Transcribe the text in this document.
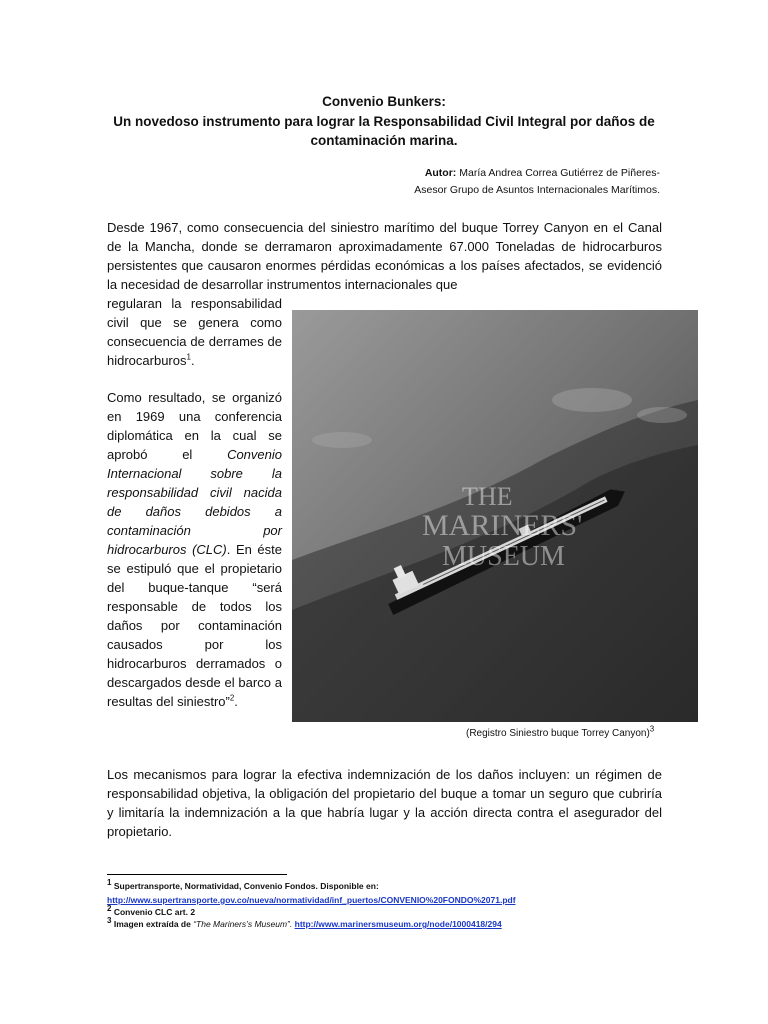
Convenio Bunkers:
Un novedoso instrumento para lograr la Responsabilidad Civil Integral por daños de
contaminación marina.
Autor: María Andrea Correa Gutiérrez de Piñeres-
Asesor Grupo de Asuntos Internacionales Marítimos.
Desde 1967, como consecuencia del siniestro marítimo del buque Torrey Canyon en el Canal de la Mancha, donde se derramaron aproximadamente 67.000 Toneladas de hidrocarburos persistentes que causaron enormes pérdidas económicas a los países afectados, se evidenció la necesidad de desarrollar instrumentos internacionales que
regularan la responsabilidad civil que se genera como consecuencia de derrames de hidrocarburos$^1$.
Como resultado, se organizó en 1969 una conferencia diplomática en la cual se aprobó el	Convenio Internacional sobre la responsabilidad civil nacida de daños debidos a contaminación por hidrocarburos (CLC). En éste se estipuló que el propietario del buque-tanque “será responsable de todos los daños por contaminación causados por los hidrocarburos derramados o descargados desde el barco a resultas del siniestro”$^2$.
THE
MARINERS'
MUSEUM
(Registro Siniestro buque Torrey Canyon)$^3$
Los mecanismos para lograr la efectiva indemnización de los daños incluyen: un régimen de responsabilidad objetiva, la obligación del propietario del buque a tomar un seguro que cubriría y limitaría la indemnización a la que habría lugar y la acción directa contra el asegurador del propietario.
$^1$ Supertransporte, Normatividad, Convenio Fondos. Disponible en:
http://www.supertransporte.gov.co/nueva/normatividad/inf_puertos/CONVENIO%20FONDO%2071.pdf
$^2$ Convenio CLC art. 2
$^3$ Imagen extraída de “The Mariners’s Museum”. http://www.marinersmuseum.org/node/1000418/294
